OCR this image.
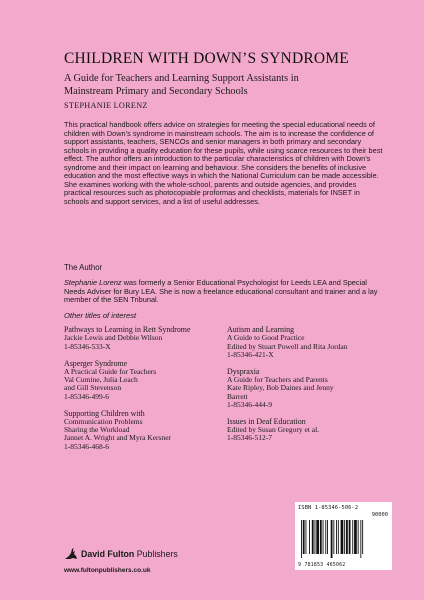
CHILDREN WITH DOWN’S SYNDROME
A Guide for Teachers and Learning Support Assistants in
Mainstream Primary and Secondary Schools
STEPHANIE LORENZ
This practical handbook offers advice on strategies for meeting the special educational needs of children with Down’s syndrome in mainstream schools. The aim is to increase the confidence of support assistants, teachers, SENCOs and senior managers in both primary and secondary schools in providing a quality education for these pupils, while using scarce resources to their best effect. The author offers an introduction to the particular characteristics of children with Down’s syndrome and their impact on learning and behaviour. She considers the benefits of inclusive education and the most effective ways in which the National Curriculum can be made accessible. She examines working with the whole-school, parents and outside agencies, and provides practical resources such as photocopiable proformas and checklists, materials for INSET in schools and support services, and a list of useful addresses.
The Author
Stephanie Lorenz was formerly a Senior Educational Psychologist for Leeds LEA and Special Needs Adviser for Bury LEA. She is now a freelance educational consultant and trainer and a lay member of the SEN Tribunal.
Other titles of interest
Pathways to Learning in Rett Syndrome
Jackie Lewis and Debbie Wilson
1-85346-533-X
Asperger Syndrome
A Practical Guide for Teachers
Val Cumine, Julia Leach
and Gill Stevenson
1-85346-499-6
Supporting Children with
Communication Problems
Sharing the Workload
Jannet A. Wright and Myra Kersner
1-85346-468-6
Autism and Learning
A Guide to Good Practice
Edited by Stuart Powell and Rita Jordan
1-85346-421-X
Dyspraxia
A Guide for Teachers and Parents
Kate Ripley, Bob Daines and Jenny
Barrett
1-85346-444-9
Issues in Deaf Education
Edited by Susan Gregory et al.
1-85346-512-7
ISBN 1-85346-506-2
90000
9 781853 465062
David Fulton Publishers
www.fultonpublishers.co.uk
